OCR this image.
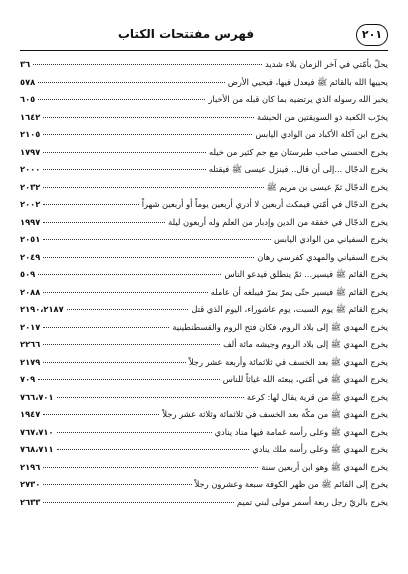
٢٠١
فهرس مفتتحات الكتاب
يحلّ بأمّتي في آخر الزمان بلاء شديد
٣٦
يحييها الله بالقائم ﷺ فيعدل فيها، فيحيي الأرض
٥٧٨
يخبر الله رسوله الذي يرتضيه بما كان قبله من الأخبار
٦٠٥
يخرّب الكعبة ذو السويقتين من الحبشة
١٦٤٢
يخرج ابن آكلة الأكباد من الوادي اليابس
٢١٠٥
يخرج الحسني صاحب طبرستان مع جم كثير من خيله
١٧٩٧
يخرج الدجّال ...إلى أن قال.. فينزل عيسى ﷺ فيقتله
٢٠٠٠
يخرج الدجّال ثمّ عيسى بن مريم ﷺ
٢٠٣٢
يخرج الدجّال في أمّتي فيمكث أربعين لا أدري أربعين يوماً أو أربعين شهراً
٢٠٠٢
يخرج الدجّال في خفقة من الدين وإدبار من العلم وله أربعون ليلة
١٩٩٧
يخرج السفياني من الوادي اليابس
٢٠٥١
يخرج السفياني والمهدي كفرسي رهان
٢٠٤٩
يخرج القائم ﷺ فيسير... ثمّ ينطلق فيدعو الناس
٥٠٩
يخرج القائم ﷺ فيسير حتّى يمرّ بمرّ فيبلغه أن عامله
٢٠٨٨
يخرج القائم ﷺ يوم السبت، يوم عاشوراء، اليوم الذي قتل
٢١٩٠،٢١٨٧
يخرج المهدي ﷺ إلى بلاد الروم، فكان فتح الروم والقسطنطينية
٢٠١٧
يخرج المهدي ﷺ إلى بلاد الروم وجيشه مائة ألف
٢٢٦٦
يخرج المهدي ﷺ بعد الخسف في ثلاثمائة وأربعة عشر رجلاً
٢١٧٩
يخرج المهدي ﷺ في أمّتي، يبعثه الله غياثاً للناس
٧٠٩
يخرج المهدي ﷺ من قرية يقال لها: كرعة
٧٦٦،٧٠١
يخرج المهدي ﷺ من مكّة بعد الخسف في ثلاثمائة وثلاثة عشر رجلاً
١٩٤٧
يخرج المهدي ﷺ وعلى رأسه غمامة فيها مناد ينادي
٧٦٧،٧١٠
يخرج المهدي ﷺ وعلى رأسه ملك ينادي
٧٦٨،٧١١
يخرج المهدي ﷺ وهو ابن أربعين سنة
٢١٩٦
يخرج إلى القائم ﷺ من ظهر الكوفة سبعة وعشرون رجلاً
٢٧٣٠
يخرج بالريّ رجل ربعة أسمر مولى لبني تميم
٢٦٣٣
